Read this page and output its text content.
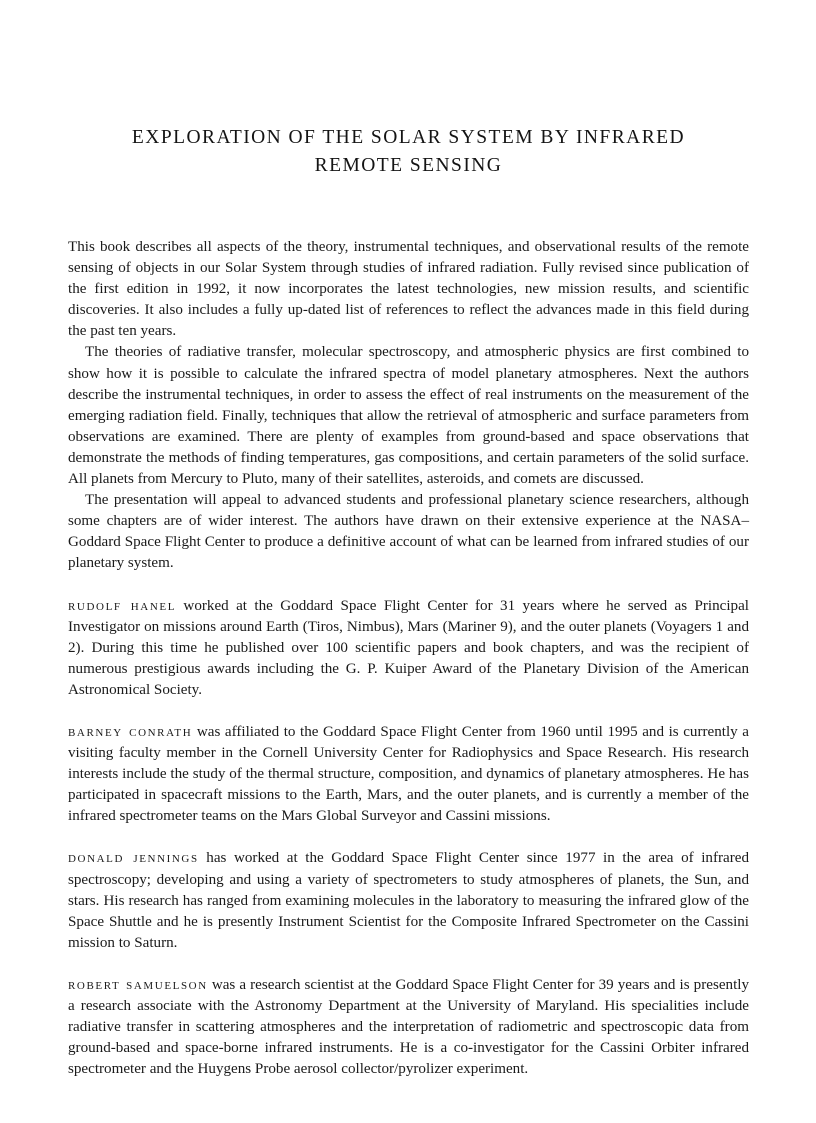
EXPLORATION OF THE SOLAR SYSTEM BY INFRARED
REMOTE SENSING

This book describes all aspects of the theory, instrumental techniques, and observational results of the remote sensing of objects in our Solar System through studies of infrared radiation. Fully revised since publication of the first edition in 1992, it now incorporates the latest technologies, new mission results, and scientific discoveries. It also includes a fully up-dated list of references to reflect the advances made in this field during the past ten years.

The theories of radiative transfer, molecular spectroscopy, and atmospheric physics are first combined to show how it is possible to calculate the infrared spectra of model planetary atmospheres. Next the authors describe the instrumental techniques, in order to assess the effect of real instruments on the measurement of the emerging radiation field. Finally, techniques that allow the retrieval of atmospheric and surface parameters from observations are examined. There are plenty of examples from ground-based and space observations that demonstrate the methods of finding temperatures, gas compositions, and certain parameters of the solid surface. All planets from Mercury to Pluto, many of their satellites, asteroids, and comets are discussed.

The presentation will appeal to advanced students and professional planetary science researchers, although some chapters are of wider interest. The authors have drawn on their extensive experience at the NASA–Goddard Space Flight Center to produce a definitive account of what can be learned from infrared studies of our planetary system.

rudolf hanel worked at the Goddard Space Flight Center for 31 years where he served as Principal Investigator on missions around Earth (Tiros, Nimbus), Mars (Mariner 9), and the outer planets (Voyagers 1 and 2). During this time he published over 100 scientific papers and book chapters, and was the recipient of numerous prestigious awards including the G. P. Kuiper Award of the Planetary Division of the American Astronomical Society.

barney conrath was affiliated to the Goddard Space Flight Center from 1960 until 1995 and is currently a visiting faculty member in the Cornell University Center for Radiophysics and Space Research. His research interests include the study of the thermal structure, composition, and dynamics of planetary atmospheres. He has participated in spacecraft missions to the Earth, Mars, and the outer planets, and is currently a member of the infrared spectrometer teams on the Mars Global Surveyor and Cassini missions.

donald jennings has worked at the Goddard Space Flight Center since 1977 in the area of infrared spectroscopy; developing and using a variety of spectrometers to study atmospheres of planets, the Sun, and stars. His research has ranged from examining molecules in the laboratory to measuring the infrared glow of the Space Shuttle and he is presently Instrument Scientist for the Composite Infrared Spectrometer on the Cassini mission to Saturn.

robert samuelson was a research scientist at the Goddard Space Flight Center for 39 years and is presently a research associate with the Astronomy Department at the University of Maryland. His specialities include radiative transfer in scattering atmospheres and the interpretation of radiometric and spectroscopic data from ground-based and space-borne infrared instruments. He is a co-investigator for the Cassini Orbiter infrared spectrometer and the Huygens Probe aerosol collector/pyrolizer experiment.
